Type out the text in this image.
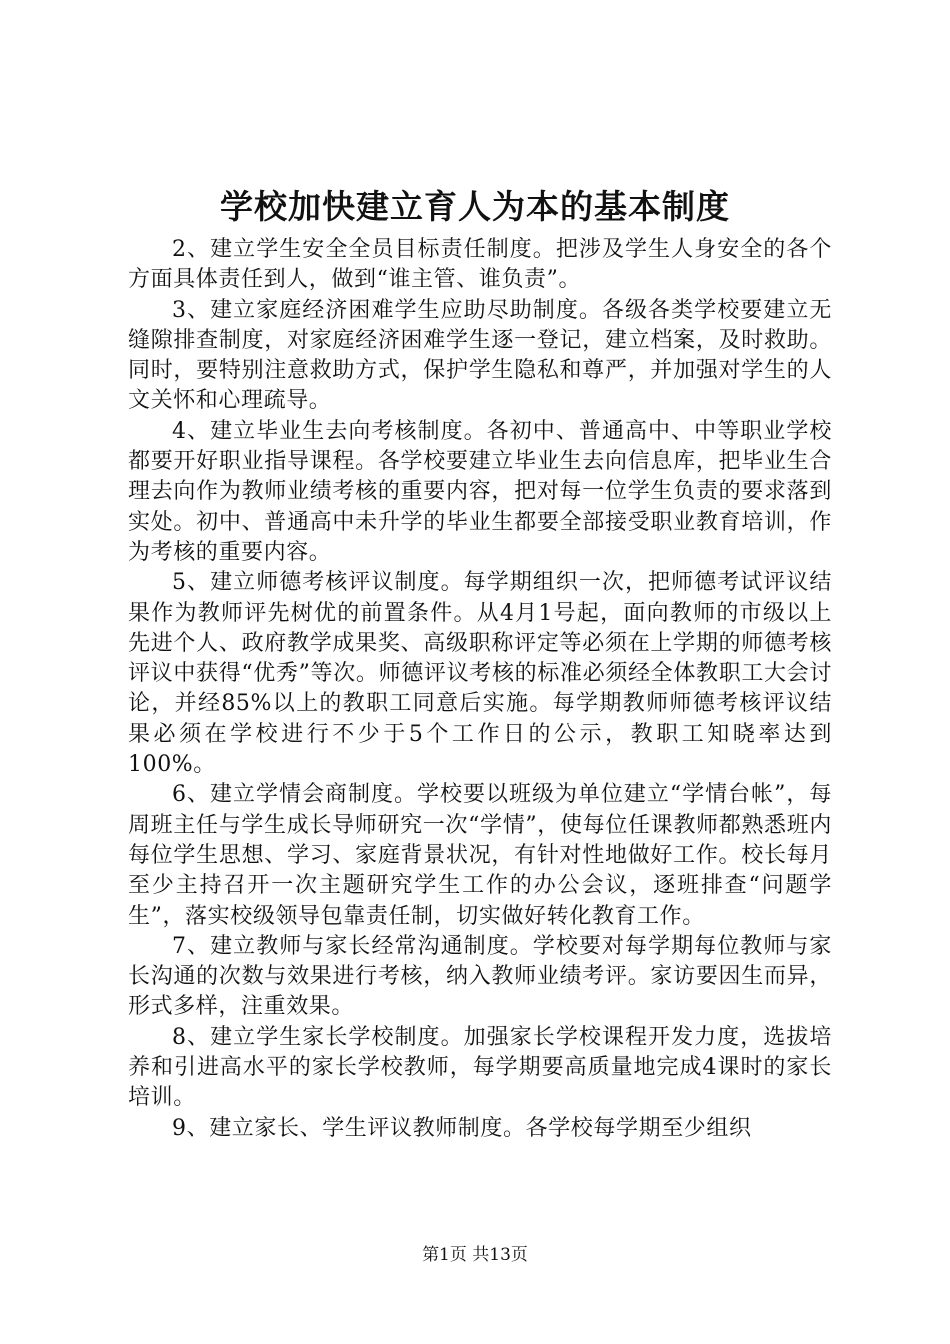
学校加快建立育人为本的基本制度

2、建立学生安全全员目标责任制度。把涉及学生人身安全的各个方面具体责任到人，做到“谁主管、谁负责”。

3、建立家庭经济困难学生应助尽助制度。各级各类学校要建立无缝隙排查制度，对家庭经济困难学生逐一登记，建立档案，及时救助。同时，要特别注意救助方式，保护学生隐私和尊严，并加强对学生的人文关怀和心理疏导。

4、建立毕业生去向考核制度。各初中、普通高中、中等职业学校都要开好职业指导课程。各学校要建立毕业生去向信息库，把毕业生合理去向作为教师业绩考核的重要内容，把对每一位学生负责的要求落到实处。初中、普通高中未升学的毕业生都要全部接受职业教育培训，作为考核的重要内容。

5、建立师德考核评议制度。每学期组织一次，把师德考试评议结果作为教师评先树优的前置条件。从4月1号起，面向教师的市级以上先进个人、政府教学成果奖、高级职称评定等必须在上学期的师德考核评议中获得“优秀”等次。师德评议考核的标准必须经全体教职工大会讨论，并经85%以上的教职工同意后实施。每学期教师师德考核评议结果必须在学校进行不少于5个工作日的公示，教职工知晓率达到100%。

6、建立学情会商制度。学校要以班级为单位建立“学情台帐”，每周班主任与学生成长导师研究一次“学情”，使每位任课教师都熟悉班内每位学生思想、学习、家庭背景状况，有针对性地做好工作。校长每月至少主持召开一次主题研究学生工作的办公会议，逐班排查“问题学生”，落实校级领导包靠责任制，切实做好转化教育工作。

7、建立教师与家长经常沟通制度。学校要对每学期每位教师与家长沟通的次数与效果进行考核，纳入教师业绩考评。家访要因生而异，形式多样，注重效果。

8、建立学生家长学校制度。加强家长学校课程开发力度，选拔培养和引进高水平的家长学校教师，每学期要高质量地完成4课时的家长培训。

9、建立家长、学生评议教师制度。各学校每学期至少组织

第1页 共13页
